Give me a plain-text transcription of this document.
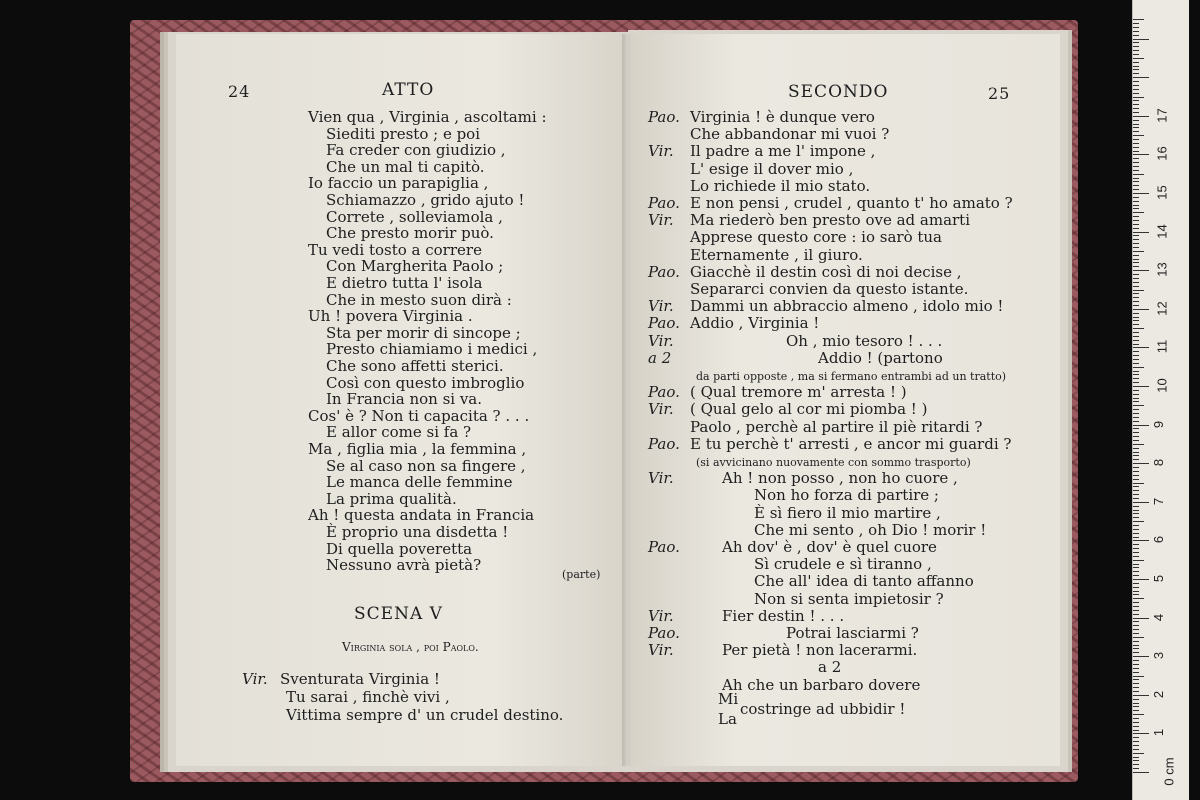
24	ATTO
(parte)
SCENA V
Virginia sola , poi Paolo.
Vien qua , Virginia , ascoltami :
Siediti presto ; e poi
Fa creder con giudizio ,
Che un mal ti capitò.
Io faccio un parapiglia ,
Schiamazzo , grido ajuto !
Correte , solleviamola ,
Che presto morir può.
Tu vedi tosto a correre
Con Margherita Paolo ;
E dietro tutta l' isola
Che in mesto suon dirà :
Uh ! povera Virginia .
Sta per morir di sincope ;
Presto chiamiamo i medici ,
Che sono affetti sterici.
Così con questo imbroglio
In Francia non si va.
Cos' è ? Non ti capacita ? . . .
E allor come si fa ?
Ma , figlia mia , la femmina ,
Se al caso non sa fingere ,
Le manca delle femmine
La prima qualità.
Ah ! questa andata in Francia
È proprio una disdetta !
Di quella poveretta
Nessuno avrà pietà?
Vir. Sventurata Virginia !
Tu sarai , finchè vivi ,
Vittima sempre d' un crudel destino.
SECONDO	25
Mi
La
costringe ad ubbidir !
Pao. Virginia ! è dunque vero
Che abbandonar mi vuoi ?
Vir. Il padre a me l' impone ,
L' esige il dover mio ,
Lo richiede il mio stato.
Pao. E non pensi , crudel , quanto t' ho amato ?
Vir. Ma riederò ben presto ove ad amarti
Apprese questo core : io sarò tua
Eternamente , il giuro.
Pao. Giacchè il destin così di noi decise ,
Separarci convien da questo istante.
Vir. Dammi un abbraccio almeno , idolo mio !
Pao. Addio , Virginia !
Vir.	Oh , mio tesoro ! . . .
a 2	Addio ! (partono
da parti opposte , ma si fermano entrambi ad un tratto)
Pao. ( Qual tremore m' arresta ! )
Vir. ( Qual gelo al cor mi piomba ! )
Paolo , perchè al partire il piè ritardi ?
Pao. E tu perchè t' arresti , e ancor mi guardi ?
(si avvicinano nuovamente con sommo trasporto)
Vir.	Ah ! non posso , non ho cuore ,
Non ho forza di partire ;
È sì fiero il mio martire ,
Che mi sento , oh Dio ! morir !
Pao.	Ah dov' è , dov' è quel cuore
Sì crudele e sì tiranno ,
Che all' idea di tanto affanno
Non si senta impietosir ?
Vir.	Fier destin ! . . .
Pao.	Potrai lasciarmi ?
Vir.	Per pietà ! non lacerarmi.
a 2
Ah che un barbaro dovere
0 cm
1
2
3
4
5
6
7
8
9
10
11
12
13
14
15
16
17
